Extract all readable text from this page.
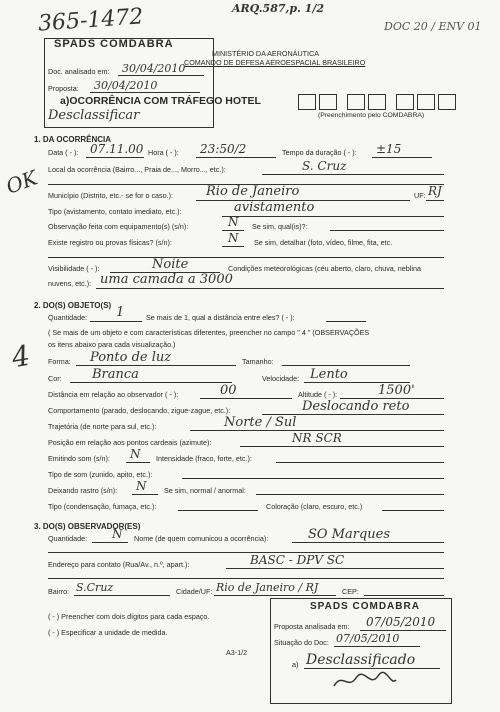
365-1472	ARQ.587,p. 1/2
DOC 20 / ENV 01
OK
4
SPADS COMDABRA
MINISTÉRIO DA AERONÁUTICA
COMANDO DE DEFESA AEROESPACIAL BRASILEIRO
Doc. analisado em: 30/04/2010
Proposta: 30/04/2010
a)OCORRÊNCIA COM TRÁFEGO HOTEL
Desclassificar	(Preenchimento pelo COMDABRA)
1. DA OCORRÊNCIA
Data ( - ): 07.11.00 Hora ( - ): 23:50/2	Tempo da duração ( - ): ±15
Local da ocorrência (Bairro..., Praia de..., Morro..., etc.):	S. Cruz
Município (Distrito, etc.- se for o caso.):	Rio de Janeiro	UF: RJ
Tipo (avistamento, contato imediato, etc.):	avistamento
Observação feita com equipamento(s) (s/n):	N Se sim, qual(is)?:
Existe registro ou provas físicas? (s/n):	N Se sim, detalhar (foto, vídeo, filme, fita, etc.
Visibilidade ( - ):	Noite	Condições meteorológicas (céu aberto, claro, chuva, neblina
nuvens, etc.): uma camada a 3000
2. DO(S) OBJETO(S)
Quantidade: 1	Se mais de 1, qual a distância entre eles? ( - ):
( Se mais de um objeto e com características diferentes, preencher no campo " 4 " (OBSERVAÇÕES
os itens abaixo para cada visualização.)
Forma: Ponto de luz	Tamanho:
Cor: Branca	Velocidade: Lento
Distância em relação ao observador ( - ):	00	Altitude ( - ):	1500'
Comportamento (parado, deslocando, zigue-zague, etc.):	Deslocando reto
Trajetória (de norte para sul, etc.):	Norte / Sul
Posição em relação aos pontos cardeais (azimute):	NR SCR
Emitindo som (s/n): N Intensidade (fraco, forte, etc.):
Tipo de som (zunido, apito, etc.):
Deixando rastro (s/n): N Se sim, normal / anormal:
Tipo (condensação, fumaça, etc.):	Coloração (claro, escuro, etc.)
3. DO(S) OBSERVADOR(ES)
Quantidade: N Nome (de quem comunicou a ocorrência):	SO Marques
Endereço para contato (Rua/Av., n.º, apart.):	BASC - DPV SC
Bairro: S.Cruz	Cidade/UF: Rio de Janeiro / RJ	CEP:
( - ) Preencher com dois dígitos para cada espaço.
( - ) Especificar a unidade de medida.
A3-1/2
SPADS COMDABRA
Proposta analisada em: 07/05/2010
Situação do Doc: 07/05/2010
a) Desclassificado
